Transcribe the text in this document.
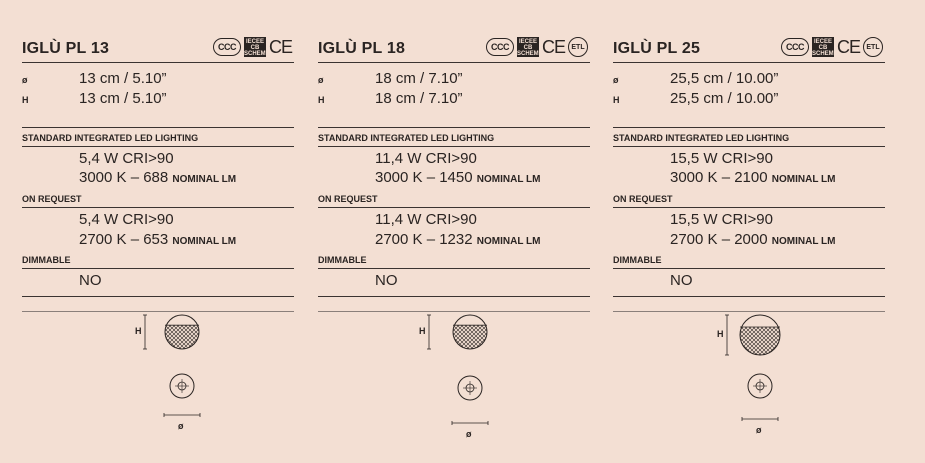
IGLÙ PL 13	CCC	IECEE
CB
SCHEME CE
ø	13 cm / 5.10”
H	13 cm / 5.10”
STANDARD INTEGRATED LED LIGHTING
5,4 W CRI>90
3000 K – 688 NOMINAL LM
ON REQUEST
5,4 W CRI>90
2700 K – 653 NOMINAL LM
DIMMABLE
NO
H
ø
IGLÙ PL 18	CCC	IECEE
CB
SCHEME CE ETL
ø	18 cm / 7.10”
H	18 cm / 7.10”
STANDARD INTEGRATED LED LIGHTING
11,4 W CRI>90
3000 K – 1450 NOMINAL LM
ON REQUEST
11,4 W CRI>90
2700 K – 1232 NOMINAL LM
DIMMABLE
NO
H
ø
IGLÙ PL 25	CCC	IECEE
CB
SCHEME CE ETL
ø	25,5 cm / 10.00”
H	25,5 cm / 10.00”
STANDARD INTEGRATED LED LIGHTING
15,5 W CRI>90
3000 K – 2100 NOMINAL LM
ON REQUEST
15,5 W CRI>90
2700 K – 2000 NOMINAL LM
DIMMABLE
NO
H
ø
